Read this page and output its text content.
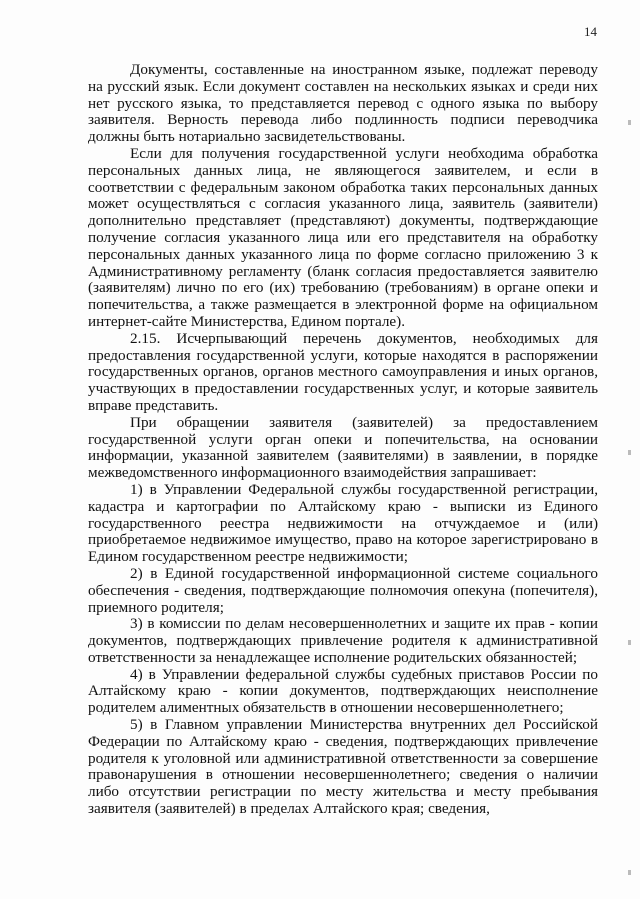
14

Документы, составленные на иностранном языке, подлежат переводу на русский язык. Если документ составлен на нескольких языках и среди них нет русского языка, то представляется перевод с одного языка по выбору заявителя. Верность перевода либо подлинность подписи переводчика должны быть нотариально засвидетельствованы.

Если для получения государственной услуги необходима обработка персональных данных лица, не являющегося заявителем, и если в соответствии с федеральным законом обработка таких персональных данных может осуществляться с согласия указанного лица, заявитель (заявители) дополнительно представляет (представляют) документы, подтверждающие получение согласия указанного лица или его представителя на обработку персональных данных указанного лица по форме согласно приложению 3 к Административному регламенту (бланк согласия предоставляется заявителю (заявителям) лично по его (их) требованию (требованиям) в органе опеки и попечительства, а также размещается в электронной форме на официальном интернет-сайте Министерства, Едином портале).

2.15. Исчерпывающий перечень документов, необходимых для предоставления государственной услуги, которые находятся в распоряжении государственных органов, органов местного самоуправления и иных органов, участвующих в предоставлении государственных услуг, и которые заявитель вправе представить.

При обращении заявителя (заявителей) за предоставлением государственной услуги орган опеки и попечительства, на основании информации, указанной заявителем (заявителями) в заявлении, в порядке межведомственного информационного взаимодействия запрашивает:

1) в Управлении Федеральной службы государственной регистрации, кадастра и картографии по Алтайскому краю - выписки из Единого государственного реестра недвижимости на отчуждаемое и (или) приобретаемое недвижимое имущество, право на которое зарегистрировано в Едином государственном реестре недвижимости;

2) в Единой государственной информационной системе социального обеспечения - сведения, подтверждающие полномочия опекуна (попечителя), приемного родителя;

3) в комиссии по делам несовершеннолетних и защите их прав - копии документов, подтверждающих привлечение родителя к административной ответственности за ненадлежащее исполнение родительских обязанностей;

4) в Управлении федеральной службы судебных приставов России по Алтайскому краю - копии документов, подтверждающих неисполнение родителем алиментных обязательств в отношении несовершеннолетнего;

5) в Главном управлении Министерства внутренних дел Российской Федерации по Алтайскому краю - сведения, подтверждающих привлечение родителя к уголовной или административной ответственности за совершение правонарушения в отношении несовершеннолетнего; сведения о наличии либо отсутствии регистрации по месту жительства и месту пребывания заявителя (заявителей) в пределах Алтайского края; сведения,
